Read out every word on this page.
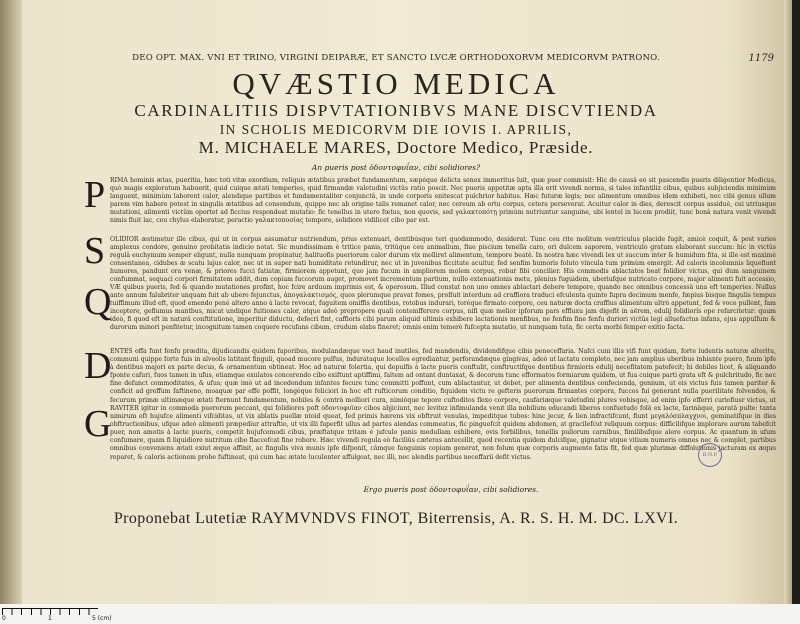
DEO OPT. MAX. VNI ET TRINO, VIRGINI DEIPARÆ, ET SANCTO LVCÆ ORTHODOXORVM MEDICORVM PATRONO.	1179
QVÆSTIO MEDICA
CARDINALITIIS DISPVTATIONIBVS MANE DISCVTIENDA
IN SCHOLIS MEDICORVM DIE IOVIS I. APRILIS,
M. MICHAELE MARES, Doctore Medico, Præside.
An pueris post ὀδοντοφυΐαν, cibi solidiores?
P RIMA hominis ætas, pueritia, hæc totí vitæ exordium, reliquis ætatibus præbet fundamentum, sæpéque delicta senex immeritus luit, quæ puer commisit: Hic de causâ eò sit pascendis pueris diligentior Medicus, quò magis exploratum habuerit, quid cuique ætati temperies, quid firmandæ valetudini victûs ratio poscit. Nec pueris appetitæ apta illa erit vivendi norma, si tales infantiliz cibus, quibus subjiciendis minimùm languent, minimùm laborent calor, alendique partibus et fundamentaliter conjunctâ, in unde corporis enitescat pulchrior habitus. Hæc futuræ legis; nec alimentum omnibus idem exhibeti, nec cibi genus ullum parem vim habere potest in singulis ætatibus ad consendum, quippe nec ab origine talis remanet calor, nec cereum ab ortu corpus, cetera perseverat. Acuitur calor in dies, derescit corpus assiduè, cui utriusque mutationi, alimenti victûm oportet ad ficcius respondeat mutatio: fic tenellus in utero fœtus, non quovis, sed γαλακτοπότῃ primùm nutriuntur sanguine, ubi lentel in lucem prodiit, tunc bonâ natura venit vivendi nimis fluit lac, ceu chylus elaboratur, peractio γαλακτοποσίας tempore, solidiore vidilicet cibo par est.
S OLIDIOR æstimetur ille cibus, qui ut in corpus assumatur nutriendum, prius extenuari, dentibúsque teri quodammodo, desiderat. Tunc ceu rite molitum ventriculus placide fugit, amicè coquit, & post varios amplexus condore, genuino probitatis indicio notat. Sic mundissimam è tritice panis, tritúque ceu animalium, fiue piscium tenella caro, ori dulcem saporem, ventriculo gratum elaborant succum: hic in victûs regulâ euchymum semper eligunt, nulla nunquam propinatur, halituofis pueriorum calor durum vix molliret alimentum, tempore beatè. In nostra hæc vivendi lex ut succum inter & humidum fita, si ille est maximè consentanea, cidubes æ scatu lajus calor, nec ut in super nati humiditate retundirur, nec ut in juvenibus ficcitate acuitur, fed senfim humoris foluto vincula tum primùm emergit. Ad caloris incolumnis liquefiunt humores, pandunt ora venæ, & priores fucci fatiatæ, firmiorem appetunt, quo jam fucum in ampliorem molem corpus, robur fibi concilier. His commodis ablactatos beat folidior victus, qui dum sanguinem confummat, sequaci corpori firmitatem addit, dum copiam fuccorum auget, promovet incrementum partium, nullo extenuationis metu, plenius fuguidem, uberiufque nutricato corpore, major alimenti fuit accessio,
Q
VÆ quibus pueris, fed & quando mutationes profint, hoc fcire arduum imprimis est, & operosum. Illud constat non uno omnes ablactari debere tempore, quando nec omnibus concessâ una eft temperies. Nullus ante annum falubriter unquam fuit ab ubere fejunctus, ἀπογαλακτισμός, quos plerumque pravat fomes, profluit interdum ad craffiora traduci efculenta quinto fupra decimum menfe, fæpius bisque fingulis tempus tuiffimum illud eft, quod emendo pené altero anno à lacte revocat, fuguitem omiffis dentibus, rotobus indurari, toréque firmato corpore, ceu naturæ docta craffius alimentum ultrò appetunt, fed & voce pullent, fam inceptere, geflumus mantbus, micat undique fuitiones calor, atque adeò prepropere quali contemfferere corpus, nifi quæ melior ipforum pars effluxu jam digefit in aërem, edulij folidiorís ope refarcitetur: quum ideò, fi quod eft in naturâ conftitutione, imperitur diductu, defecri fint, caffioris cibi parum aliquid ultimis exhibere lactationis menfibus, ne fenfim fine fenfu duriori victûs legi alluefactus infans, ejus appulfum & durorum minori penfitetur, incognitum tamen coquere recufans cibum, crudum elabs fineret; omnis enim temerè fufcepta mutatio, ut nunquam tuta, fic certa morbi femper exitio facta.
D
ENTES offa funt fenfu prædita, dijudicandis quidem faporibus, modulandæque voci haud inutiles, fed mandendis, dividendifque cibis peneceffaria. Nafci cum illis vifi funt quidam, forte ludentis naturæ alteritu, communi quippe forte fuis in alveolis latitant finguli, quoad mucore pulfus, indurataque locellos egrediantur, perforandæque gingivas, adeò ut lactatu completo, nec jam amplius uberibus inhiante puero, fuum ipfe à dentibus majori ex parte decus, & ornamentum obtineat. Hoc ad naturæ folertia, qui depulfis à lacte pueris conftulit, conftructifque dentibus firmioris edulij necefitatem patefecit; hi debiles licet, & aliquando fponte cafuri, fuos tamen in ufus, etiamque exulatos concerendo cibo exiftunt aptiffimi, faltem ad ontant duntaxat, & decorum tunc efformatos formiarum quidem, ut fua cuique parti grata eft & pulchritudo, fic nec fine defunct commoditates, & ufus; quæ imò ut ad incedendum infantes fecure tunc committi poffunt, cum ablactantur, ut debet, per alimenta dentibus confecienda, gennum, ut eis victus fuis tamen pariter & conficit ad greffum faftineno, moaquæ par effe poffit, longèque feliciori in hoc eft rufticorum conditio, fiquidem victu re gefteris puerorum firmantes corpora, fuccos fui generant nulla puerilitate folvendos, & fecurum primæ ultimæque ætati fternunt fundamentum, nobiles & contrà molliori cura, nimiòque tepore cuftoditos flexo corpore, caufariæque valetudini plures vobisque, ad enim ipfo efferri curiofiusr victus, ut
G
RAVITER igitur in commoda puerorum peccant, qui folidiores poft ὀδοντοφυΐαν cibos abjiciunt, nec levitez infimulanda venit illa nobilium educandi liberos confuetudo folâ ex lacte, farinâque, paratâ pulte: tanta nimirum eft hujufce alimenti vifciditas, ut vix ablatis puellæ ntoid queat, fed primis hærens vix obftruit venulas, impeditque tubos: hinc jecur, & lien infractifcunt, fiunt μεγαλόσπλαγχνοι, geminatifque in dies obftructionibus, ufque adeò alimenti præpediur attraftio, ut vix illi fuperfit ullus ad partes alendas commeatus, fic pinguefcit quidem abdomen, at gracilefcut reliquum corpus: difficilifque implorare aurum tabefcit puer, non amotis à lacte pueris, competit hujufcemodi cibus, præftatque tritam è jufculo panis medullam exhibere, ovis forbilibus, tenellis pullorum carnibus, fimilibufque alere corpus. Ac quantum in ufum confumare, quam fi liquidiore nutritum cibo flaccefcat fine robore. Hæc vivendi regula eò faciliùs cæteras antecellit, quod recentia quidem dulcifque, gignatur atque vitium numeris omnes nec & complet, partibus omnibus conveniens ætati exiut æque affinit, ac fingulis viva munis ipfe difponit, câmque fanguinis copiam generat, non folum quæ corporis augmento fatis fit, fed quæ plurimæ diffolutionis jacturam ex æquo reparet, & caloris actionem probe fuftineat, qui cum hac ætate luculenter affulgeat, nec illi, nec alendis partibus neceffarii defit victus.
Ergo pueris post ὀδοντοφυΐαν, cibi solidiores.
B.N.P.
Proponebat Lutetiæ RAYMVNDVS FINOT, Biterrensis, A. R. S. H. M. DC. LXVI.
0	1	5 (cm)
